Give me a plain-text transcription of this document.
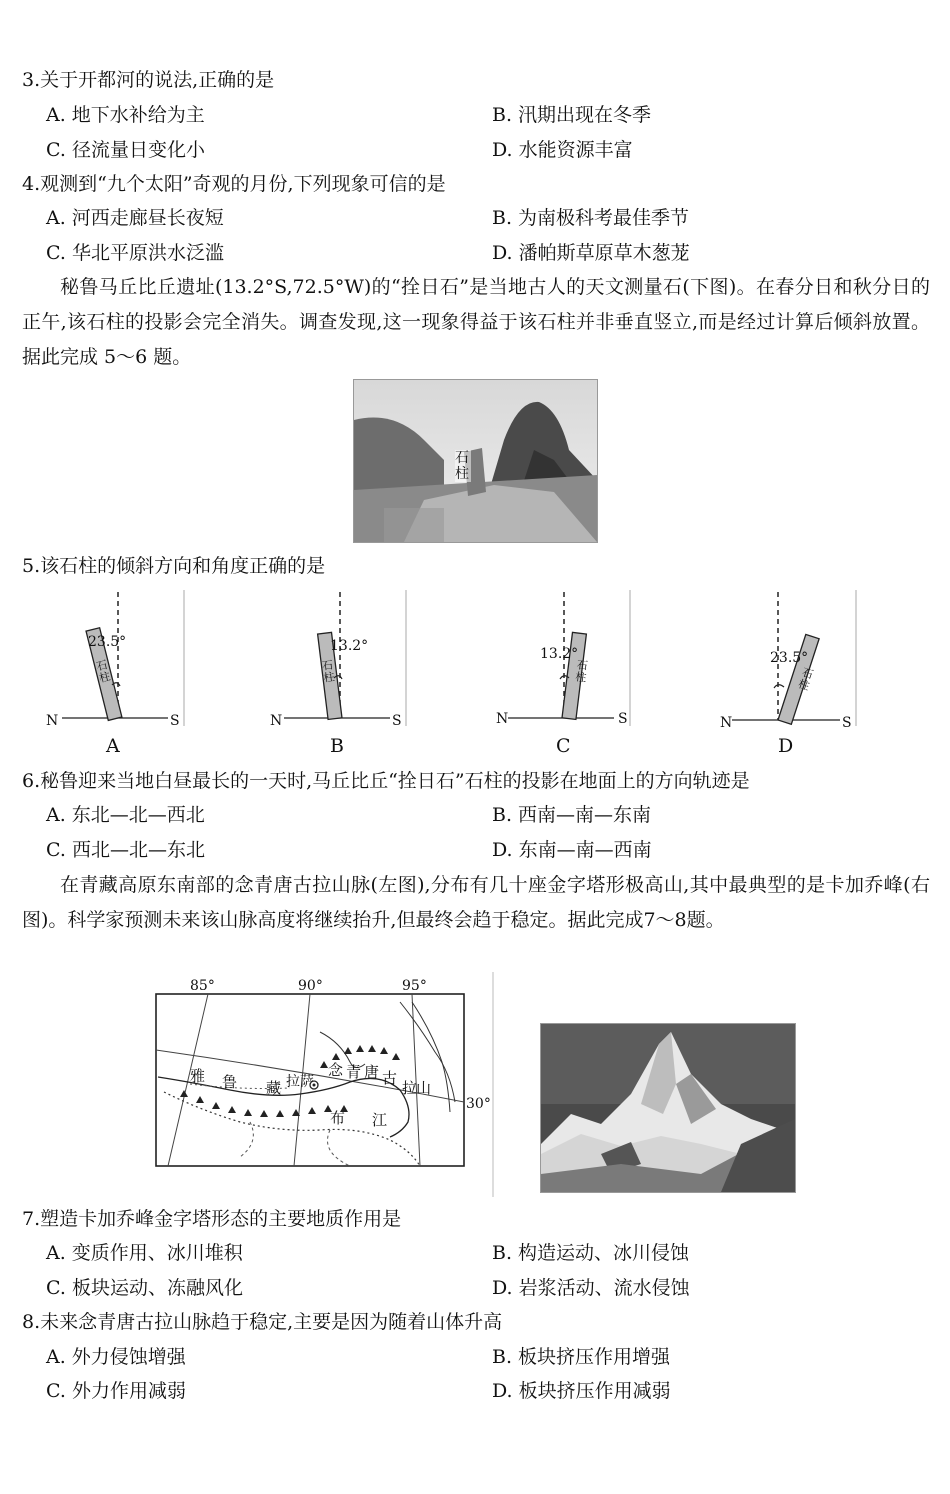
3.关于开都河的说法,正确的是
A. 地下水补给为主	B. 汛期出现在冬季
C. 径流量日变化小	D. 水能资源丰富
4.观测到“九个太阳”奇观的月份,下列现象可信的是
A. 河西走廊昼长夜短	B. 为南极科考最佳季节
C. 华北平原洪水泛滥	D. 潘帕斯草原草木葱茏
秘鲁马丘比丘遗址(13.2°S,72.5°W)的“拴日石”是当地古人的天文测量石(下图)。在春分日和秋分日的正午,该石柱的投影会完全消失。调查发现,这一现象得益于该石柱并非垂直竖立,而是经过计算后倾斜放置。据此完成 5～6 题。
石柱
5.该石柱的倾斜方向和角度正确的是
23.5°
N	S
石柱
A
13.2°
N	S
石柱
B
13.2°
N	S
石柱
C
23.5°
N	S
石柱
D
6.秘鲁迎来当地白昼最长的一天时,马丘比丘“拴日石”石柱的投影在地面上的方向轨迹是
A. 东北—北—西北	B. 西南—南—东南
C. 西北—北—东北	D. 东南—南—西南
在青藏高原东南部的念青唐古拉山脉(左图),分布有几十座金字塔形极高山,其中最典型的是卡加乔峰(右图)。科学家预测未来该山脉高度将继续抬升,但最终会趋于稳定。据此完成7～8题。
85°	90°	95°
30°
雅 鲁 藏
布 江
拉萨
念 青 唐 古
拉
山
7.塑造卡加乔峰金字塔形态的主要地质作用是
A. 变质作用、冰川堆积	B. 构造运动、冰川侵蚀
C. 板块运动、冻融风化	D. 岩浆活动、流水侵蚀
8.未来念青唐古拉山脉趋于稳定,主要是因为随着山体升高
A. 外力侵蚀增强	B. 板块挤压作用增强
C. 外力作用减弱	D. 板块挤压作用减弱
